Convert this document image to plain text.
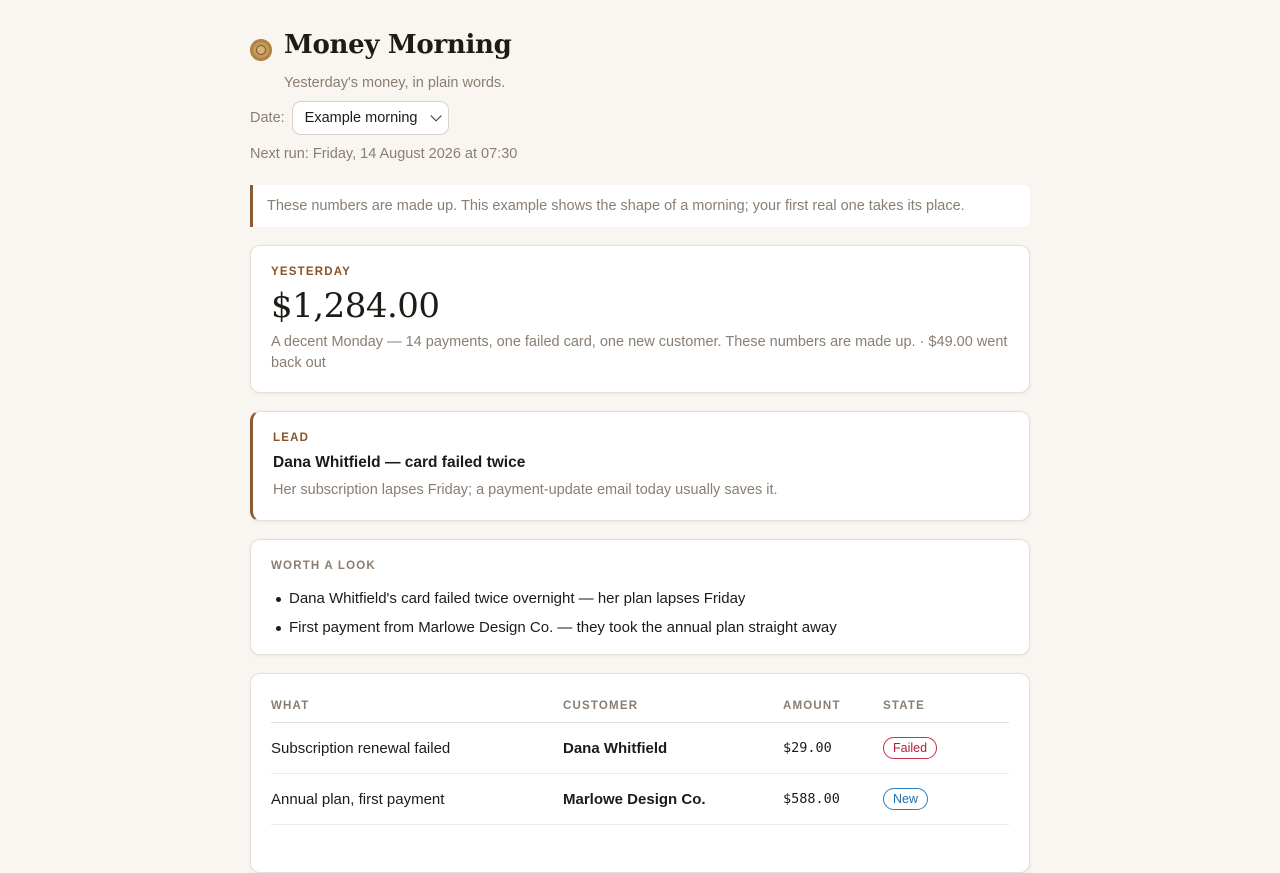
Money Morning
Yesterday's money, in plain words.
Date: Example morning
Next run: Friday, 14 August 2026 at 07:30
These numbers are made up. This example shows the shape of a morning; your first real one takes its place.
YESTERDAY
$1,284.00
A decent Monday — 14 payments, one failed card, one new customer. These numbers are made up. · $49.00 went back out
LEAD
Dana Whitfield — card failed twice
Her subscription lapses Friday; a payment-update email today usually saves it.
WORTH A LOOK
Dana Whitfield's card failed twice overnight — her plan lapses Friday
First payment from Marlowe Design Co. — they took the annual plan straight away
WHAT	CUSTOMER	AMOUNT	STATE
Subscription renewal failed	Dana Whitfield	$29.00	Failed
Annual plan, first payment	Marlowe Design Co.	$588.00	New
